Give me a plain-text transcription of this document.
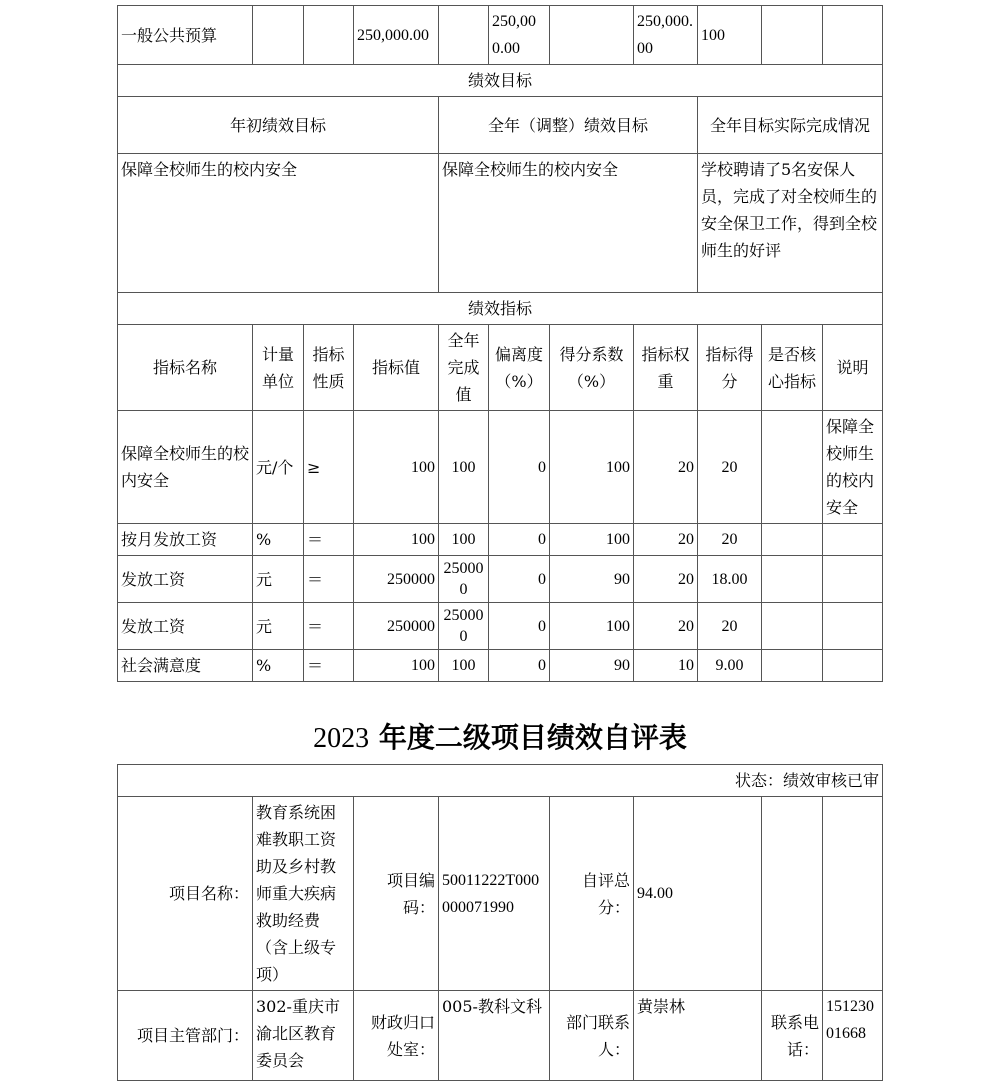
一般公共预算			250,000.00		250,000.00		250,000.00	100		
绩效目标										
年初绩效目标				全年（调整）绩效目标				全年目标实际完成情况		
保障全校师生的校内安全				保障全校师生的校内安全				学校聘请了5名安保人员，完成了对全校师生的安全保卫工作，得到全校师生的好评		
绩效指标										
指标名称	计量单位	指标性质	指标值	全年完成值	偏离度（%）	得分系数（%）	指标权重	指标得分	是否核心指标	说明
保障全校师生的校内安全	元/个	≥	100	100	0	100	20	20		保障全校师生的校内安全
按月发放工资	%	＝	100	100	0	100	20	20		
发放工资	元	＝	250000	250000	0	90	20	18.00		
发放工资	元	＝	250000	250000	0	100	20	20		
社会满意度	%	＝	100	100	0	90	10	9.00		
2023 年度二级项目绩效自评表
状态：绩效审核已审							
项目名称：	教育系统困难教职工资助及乡村教师重大疾病救助经费（含上级专项）	项目编码：	50011222T000000071990	自评总分：	94.00		
项目主管部门：	302-重庆市渝北区教育委员会	财政归口处室：	005-教科文科	部门联系人：	黄崇林	联系电话：	15123001668
